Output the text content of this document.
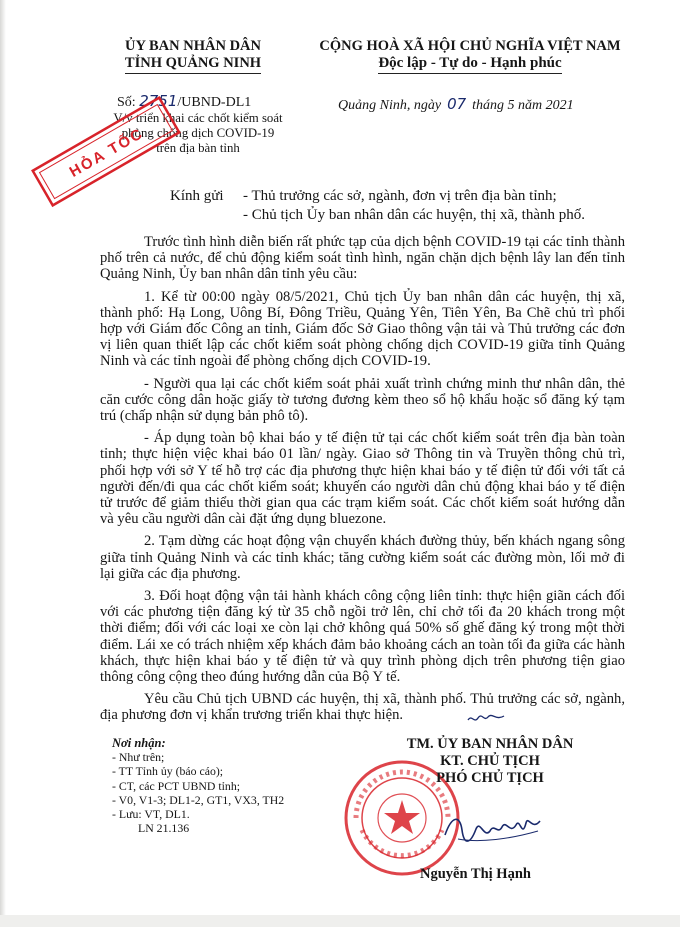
ỦY BAN NHÂN DÂN
TỈNH QUẢNG NINH
CỘNG HOÀ XÃ HỘI CHỦ NGHĨA VIỆT NAM
Độc lập - Tự do - Hạnh phúc
Số: 2751/UBND-DL1
V/v triển khai các chốt kiểm soát
phòng chống dịch COVID-19
trên địa bàn tỉnh
Quảng Ninh, ngày 07 tháng 5 năm 2021
HỎA TỐC
Kính gửi - Thủ trưởng các sở, ngành, đơn vị trên địa bàn tỉnh;
- Chủ tịch Ủy ban nhân dân các huyện, thị xã, thành phố.

Trước tình hình diễn biến rất phức tạp của dịch bệnh COVID-19 tại các tỉnh thành phố trên cả nước, để chủ động kiểm soát tình hình, ngăn chặn dịch bệnh lây lan đến tỉnh Quảng Ninh, Ủy ban nhân dân tỉnh yêu cầu:

1. Kể từ 00:00 ngày 08/5/2021, Chủ tịch Ủy ban nhân dân các huyện, thị xã, thành phố: Hạ Long, Uông Bí, Đông Triều, Quảng Yên, Tiên Yên, Ba Chẽ chủ trì phối hợp với Giám đốc Công an tỉnh, Giám đốc Sở Giao thông vận tải và Thủ trưởng các đơn vị liên quan thiết lập các chốt kiểm soát phòng chống dịch COVID-19 giữa tỉnh Quảng Ninh và các tỉnh ngoài để phòng chống dịch COVID-19.

- Người qua lại các chốt kiểm soát phải xuất trình chứng minh thư nhân dân, thẻ căn cước công dân hoặc giấy tờ tương đương kèm theo sổ hộ khẩu hoặc sổ đăng ký tạm trú (chấp nhận sử dụng bản phô tô).

- Áp dụng toàn bộ khai báo y tế điện tử tại các chốt kiểm soát trên địa bàn toàn tỉnh; thực hiện việc khai báo 01 lần/ ngày. Giao sở Thông tin và Truyền thông chủ trì, phối hợp với sở Y tế hỗ trợ các địa phương thực hiện khai báo y tế điện tử đối với tất cả người đến/đi qua các chốt kiểm soát; khuyến cáo người dân chủ động khai báo y tế điện tử trước để giảm thiểu thời gian qua các trạm kiểm soát. Các chốt kiểm soát hướng dẫn và yêu cầu người dân cài đặt ứng dụng bluezone.

2. Tạm dừng các hoạt động vận chuyển khách đường thủy, bến khách ngang sông giữa tỉnh Quảng Ninh và các tỉnh khác; tăng cường kiểm soát các đường mòn, lối mở đi lại giữa các địa phương.

3. Đối hoạt động vận tải hành khách công cộng liên tỉnh: thực hiện giãn cách đối với các phương tiện đăng ký từ 35 chỗ ngồi trở lên, chỉ chở tối đa 20 khách trong một thời điểm; đối với các loại xe còn lại chở không quá 50% số ghế đăng ký trong một thời điểm. Lái xe có trách nhiệm xếp khách đảm bảo khoảng cách an toàn tối đa giữa các hành khách, thực hiện khai báo y tế điện tử và quy trình phòng dịch trên phương tiện giao thông công cộng theo đúng hướng dẫn của Bộ Y tế.

Yêu cầu Chủ tịch UBND các huyện, thị xã, thành phố. Thủ trưởng các sở, ngành, địa phương đơn vị khẩn trương triển khai thực hiện.

Nơi nhận:
- Như trên;
- TT Tỉnh ủy (báo cáo);
- CT, các PCT UBND tỉnh;
- V0, V1-3; DL1-2, GT1, VX3, TH2
- Lưu: VT, DL1.
LN 21.136
TM. ỦY BAN NHÂN DÂN
KT. CHỦ TỊCH
PHÓ CHỦ TỊCH
Nguyễn Thị Hạnh
